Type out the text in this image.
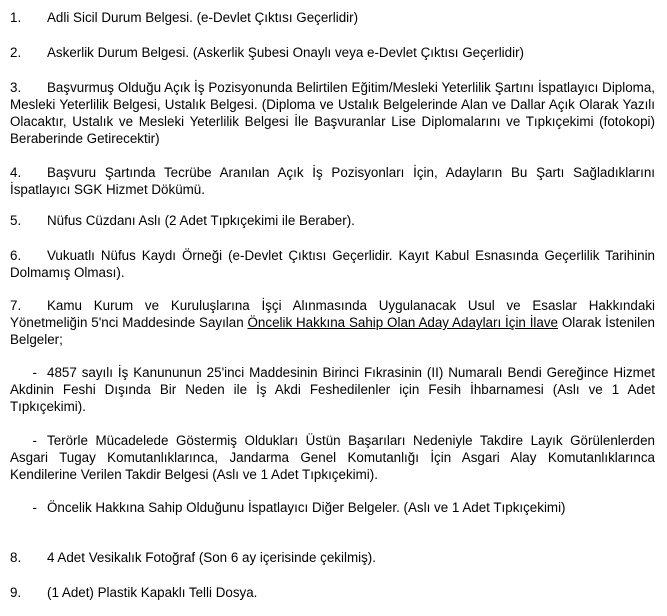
1. Adli Sicil Durum Belgesi. (e-Devlet Çıktısı Geçerlidir)

2. Askerlik Durum Belgesi. (Askerlik Şubesi Onaylı veya e-Devlet Çıktısı Geçerlidir)

3. Başvurmuş Olduğu Açık İş Pozisyonunda Belirtilen Eğitim/Mesleki Yeterlilik Şartını İspatlayıcı Diploma, Mesleki Yeterlilik Belgesi, Ustalık Belgesi. (Diploma ve Ustalık Belgelerinde Alan ve Dallar Açık Olarak Yazılı Olacaktır, Ustalık ve Mesleki Yeterlilik Belgesi İle Başvuranlar Lise Diplomalarını ve Tıpkıçekimi (fotokopi) Beraberinde Getirecektir)

4. Başvuru Şartında Tecrübe Aranılan Açık İş Pozisyonları İçin, Adayların Bu Şartı Sağladıklarını İspatlayıcı SGK Hizmet Dökümü.

5. Nüfus Cüzdanı Aslı (2 Adet Tıpkıçekimi ile Beraber).

6. Vukuatlı Nüfus Kaydı Örneği (e-Devlet Çıktısı Geçerlidir. Kayıt Kabul Esnasında Geçerlilik Tarihinin Dolmamış Olması).

7. Kamu Kurum ve Kuruluşlarına İşçi Alınmasında Uygulanacak Usul ve Esaslar Hakkındaki Yönetmeliğin 5'nci Maddesinde Sayılan Öncelik Hakkına Sahip Olan Aday Adayları İçin İlave Olarak İstenilen Belgeler;

- 4857 sayılı İş Kanununun 25'inci Maddesinin Birinci Fıkrasinin (II) Numaralı Bendi Gereğince Hizmet Akdinin Feshi Dışında Bir Neden ile İş Akdi Feshedilenler için Fesih İhbarnamesi (Aslı ve 1 Adet Tıpkıçekimi).

- Terörle Mücadelede Göstermiş Oldukları Üstün Başarıları Nedeniyle Takdire Layık Görülenlerden Asgari Tugay Komutanlıklarınca, Jandarma Genel Komutanlığı İçin Asgari Alay Komutanlıklarınca Kendilerine Verilen Takdir Belgesi (Aslı ve 1 Adet Tıpkıçekimi).

- Öncelik Hakkına Sahip Olduğunu İspatlayıcı Diğer Belgeler. (Aslı ve 1 Adet Tıpkıçekimi)

8. 4 Adet Vesikalık Fotoğraf (Son 6 ay içerisinde çekilmiş).

9. (1 Adet) Plastik Kapaklı Telli Dosya.
